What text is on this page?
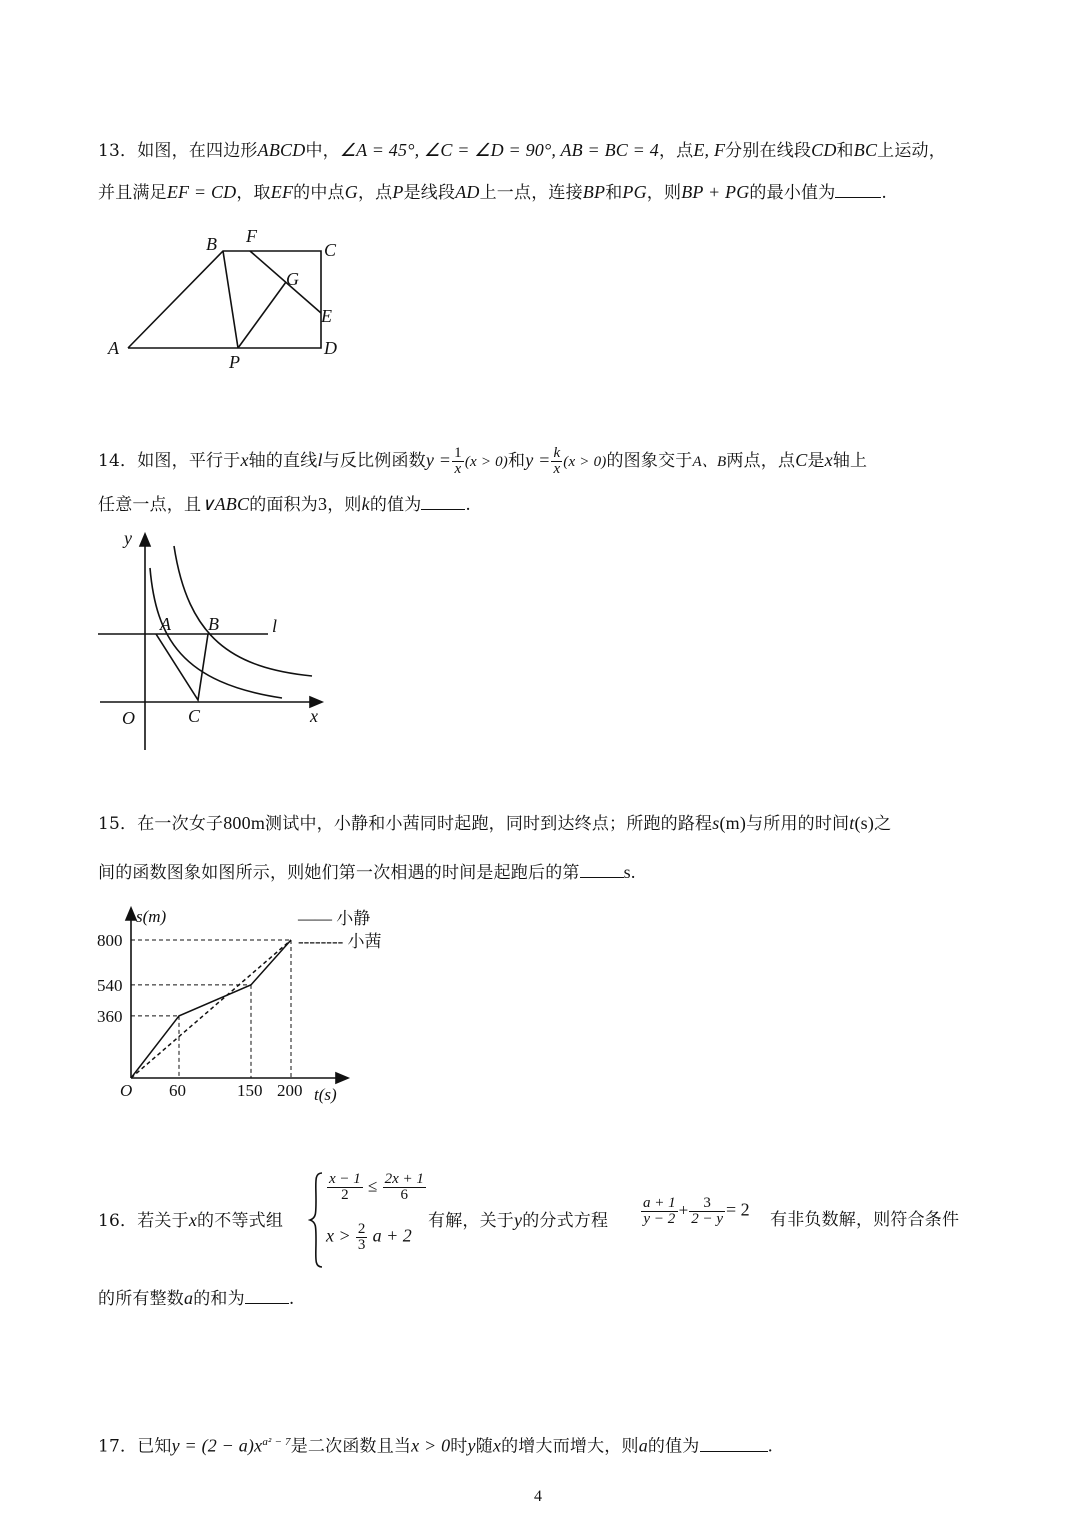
13．如图，在四边形ABCD中，∠A = 45°, ∠C = ∠D = 90°, AB = BC = 4，点E, F分别在线段CD和BC上运动，
并且满足EF = CD，取EF的中点G，点P是线段AD上一点，连接BP和PG，则BP + PG的最小值为	.
A
B F
C
G
E
D
P
14．如图，平行于x轴的直线l与反比例函数$y = \frac{1}{x} (x > 0)$和$y = \frac{k}{x} (x > 0)$的图象交于A、B两点，点C是x轴上
任意一点，且∨ABC的面积为3，则k的值为	.
y
x
O
A B
C
l
15．在一次女子800m测试中，小静和小茜同时起跑，同时到达终点；所跑的路程s(m)与所用的时间t(s)之
间的函数图象如图所示，则她们第一次相遇的时间是起跑后的第 s.
60	150 200
360
540
800
s(m)
t(s)
O
—— 小静
-------- 小茜
16．若关于x的不等式组
$\frac{x - 1}{2} \le \frac{2x + 1}{6}$
$x > \frac{2}{3}$ a + 2
有解，关于y的分式方程 $\frac{a + 1}{y - 2} + \frac{3}{2 - y} = 2$
有非负数解，则符合条件
的所有整数a的和为	.
17．已知$y = (2 - a)x^{a^2 - 7}$是二次函数且当x > 0时y随x的增大而增大，则a的值为	.
4
